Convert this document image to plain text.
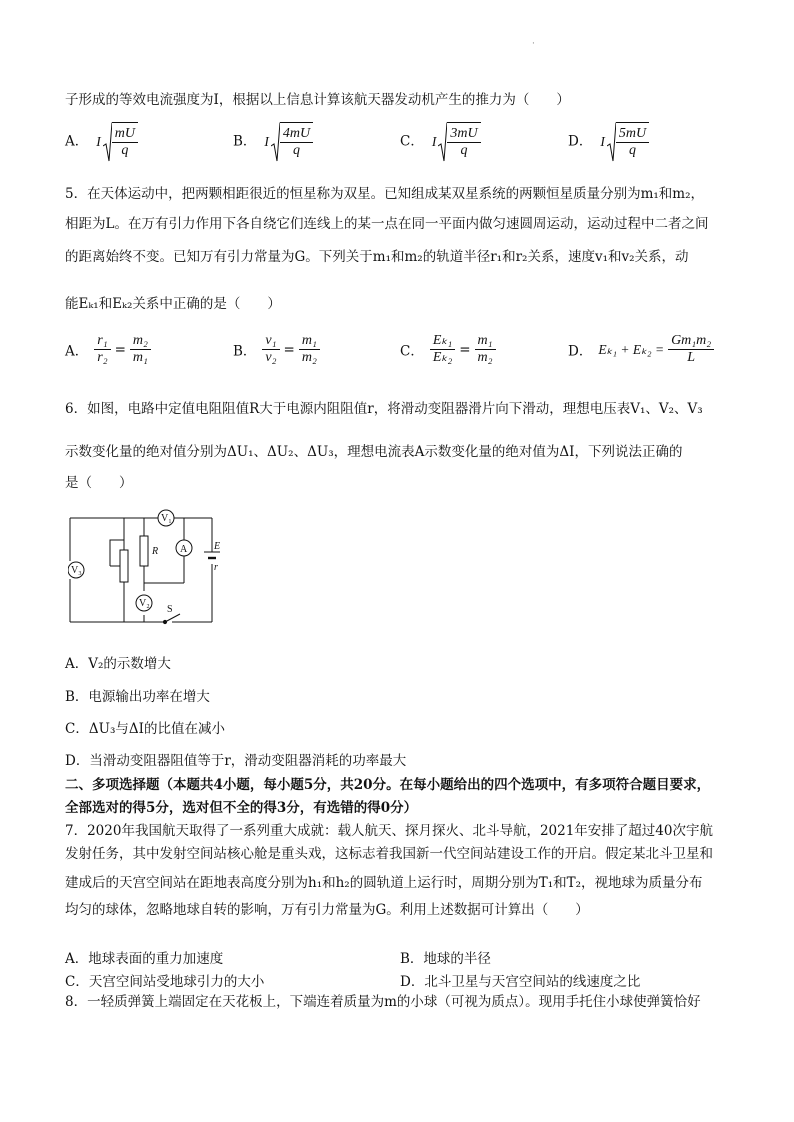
·
子形成的等效电流强度为I，根据以上信息计算该航天器发动机产生的推力为（　　）
A． I $\frac{mU}{q}$	B． I $\frac{4mU}{q}$	C． I $\frac{3mU}{q}$	D． I $\frac{5mU}{q}$
5．在天体运动中，把两颗相距很近的恒星称为双星。已知组成某双星系统的两颗恒星质量分别为m₁和m₂，
相距为L。在万有引力作用下各自绕它们连线上的某一点在同一平面内做匀速圆周运动，运动过程中二者之间
的距离始终不变。已知万有引力常量为G。下列关于m₁和m₂的轨道半径r₁和r₂关系，速度v₁和v₂关系，动
能Eₖ₁和Eₖ₂关系中正确的是（　　）
A． $\frac{\text{r₁}}{\text{r₂}} = \frac{\text{m₂}}{\text{m₁}}$	B． $\frac{\text{v₁}}{\text{v₂}} = \frac{\text{m₁}}{\text{m₂}}$	C． $\frac{\text{Eₖ₁}}{\text{Eₖ₂}} = \frac{\text{m₁}}{\text{m₂}}$	D． $E_{k1} + E_{k2} = \frac{\text{Gm₁m₂}}{L}$
6．如图，电路中定值电阻阻值R大于电源内阻阻值r，将滑动变阻器滑片向下滑动，理想电压表V₁、V₂、V₃
示数变化量的绝对值分别为ΔU₁、ΔU₂、ΔU₃，理想电流表A示数变化量的绝对值为ΔI，下列说法正确的
是（　　）
V₁
V₃
V₂
A
R	E
r
S
A．V₂的示数增大
B．电源输出功率在增大
C．ΔU₃与ΔI的比值在减小
D．当滑动变阻器阻值等于r，滑动变阻器消耗的功率最大
二、多项选择题（本题共4小题，每小题5分，共20分。在每小题给出的四个选项中，有多项符合题目要求，
全部选对的得5分，选对但不全的得3分，有选错的得0分）
7．2020年我国航天取得了一系列重大成就：载人航天、探月探火、北斗导航，2021年安排了超过40次宇航
发射任务，其中发射空间站核心舱是重头戏，这标志着我国新一代空间站建设工作的开启。假定某北斗卫星和
建成后的天宫空间站在距地表高度分别为h₁和h₂的圆轨道上运行时，周期分别为T₁和T₂，视地球为质量分布
均匀的球体，忽略地球自转的影响，万有引力常量为G。利用上述数据可计算出（　　）
A．地球表面的重力加速度	B．地球的半径
C．天宫空间站受地球引力的大小	D．北斗卫星与天宫空间站的线速度之比
8．一轻质弹簧上端固定在天花板上，下端连着质量为m的小球（可视为质点）。现用手托住小球使弹簧恰好
